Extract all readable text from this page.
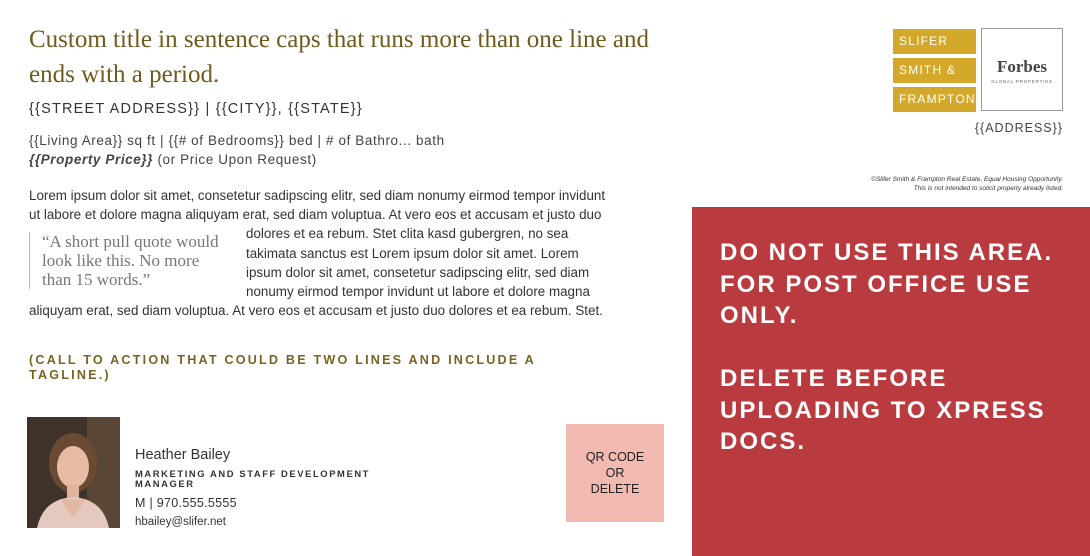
Custom title in sentence caps that runs more than one line and ends with a period.
{{STREET ADDRESS}} | {{CITY}}, {{STATE}}
{{Living Area}} sq ft | {{# of Bedrooms}} bed | # of Bathro... bath
{{Property Price}} (or Price Upon Request)
Lorem ipsum dolor sit amet, consetetur sadipscing elitr, sed diam nonumy eirmod tempor invidunt ut labore et dolore magna aliquyam erat, sed diam voluptua. At vero
“A short pull quote would look like this. No more than 15 words.”
eos et accusam et justo duo dolores et ea rebum. Stet clita kasd gubergren, no sea takimata sanctus est Lorem ipsum dolor sit amet. Lorem ipsum dolor sit amet, consetetur sadipscing elitr, sed diam nonumy eirmod tempor invidunt ut labore et dolore magna aliquyam erat, sed diam voluptua. At vero eos et accusam et justo duo dolores et ea rebum. Stet.
(CALL TO ACTION THAT COULD BE TWO LINES AND INCLUDE A TAGLINE.)
Heather Bailey
MARKETING AND STAFF DEVELOPMENT MANAGER
M | 970.555.5555
hbailey@slifer.net
QR CODE OR DELETE
SLIFER
SMITH &
FRAMPTON
Forbes
GLOBAL PROPERTIES
{{ADDRESS}}
©Slifer Smith & Frampton Real Estate, Equal Housing Opportunity.
This is not intended to solicit property already listed.
DO NOT USE THIS AREA. FOR POST OFFICE USE ONLY.
DELETE BEFORE UPLOADING TO XPRESS DOCS.
